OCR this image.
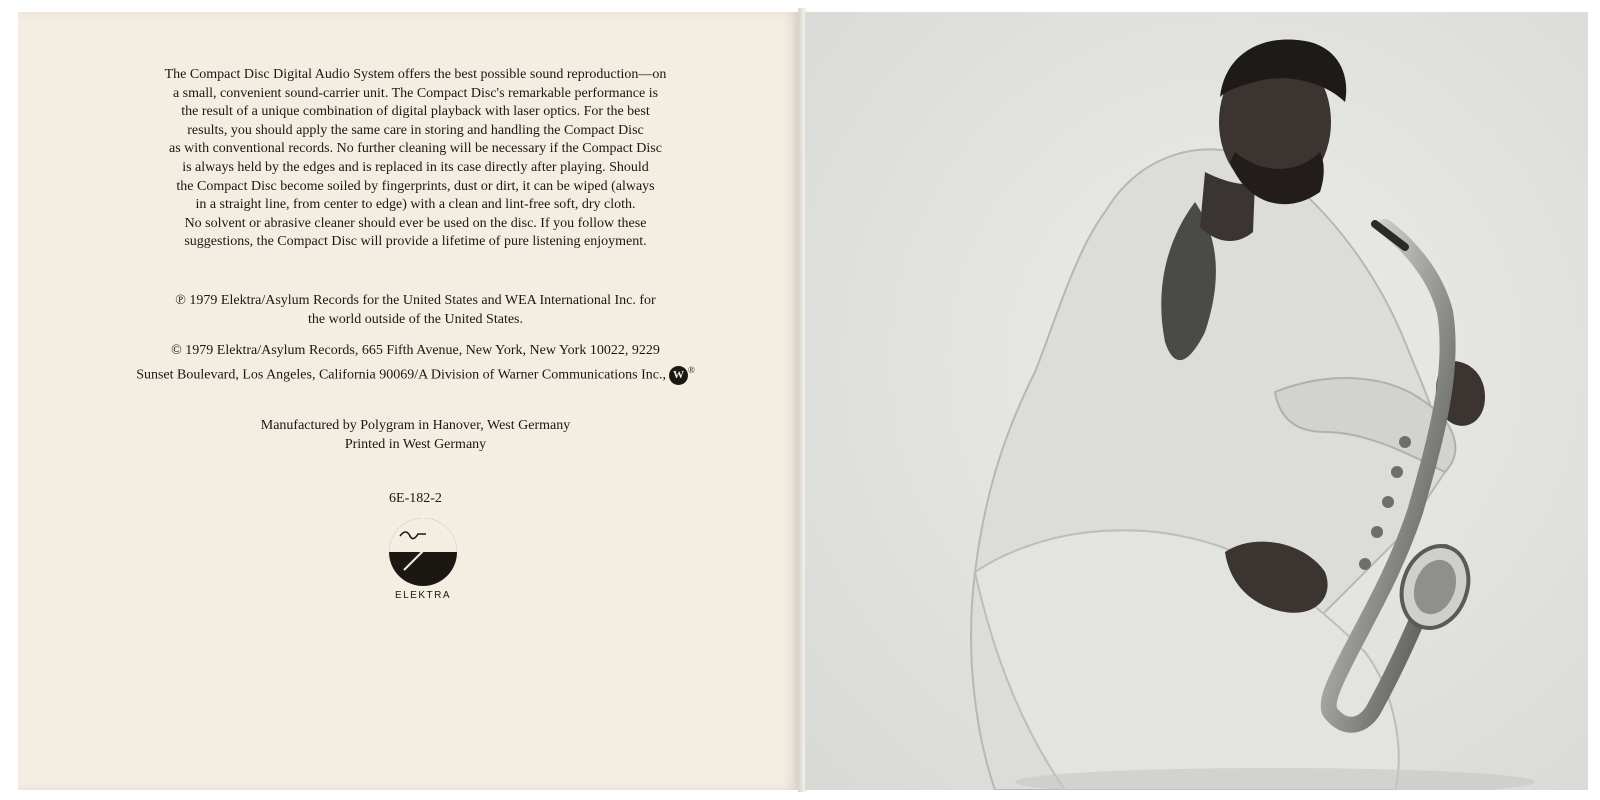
The Compact Disc Digital Audio System offers the best possible sound reproduction—on

a small, convenient sound-carrier unit. The Compact Disc's remarkable performance is

the result of a unique combination of digital playback with laser optics. For the best

results, you should apply the same care in storing and handling the Compact Disc

as with conventional records. No further cleaning will be necessary if the Compact Disc

is always held by the edges and is replaced in its case directly after playing. Should

the Compact Disc become soiled by fingerprints, dust or dirt, it can be wiped (always

in a straight line, from center to edge) with a clean and lint-free soft, dry cloth.

No solvent or abrasive cleaner should ever be used on the disc. If you follow these

suggestions, the Compact Disc will provide a lifetime of pure listening enjoyment.

℗ 1979 Elektra/Asylum Records for the United States and WEA International Inc. for

the world outside of the United States.

© 1979 Elektra/Asylum Records, 665 Fifth Avenue, New York, New York 10022, 9229

Sunset Boulevard, Los Angeles, California 90069/A Division of Warner Communications Inc., W ®

Manufactured by Polygram in Hanover, West Germany

Printed in West Germany

6E-182-2

ELEKTRA
